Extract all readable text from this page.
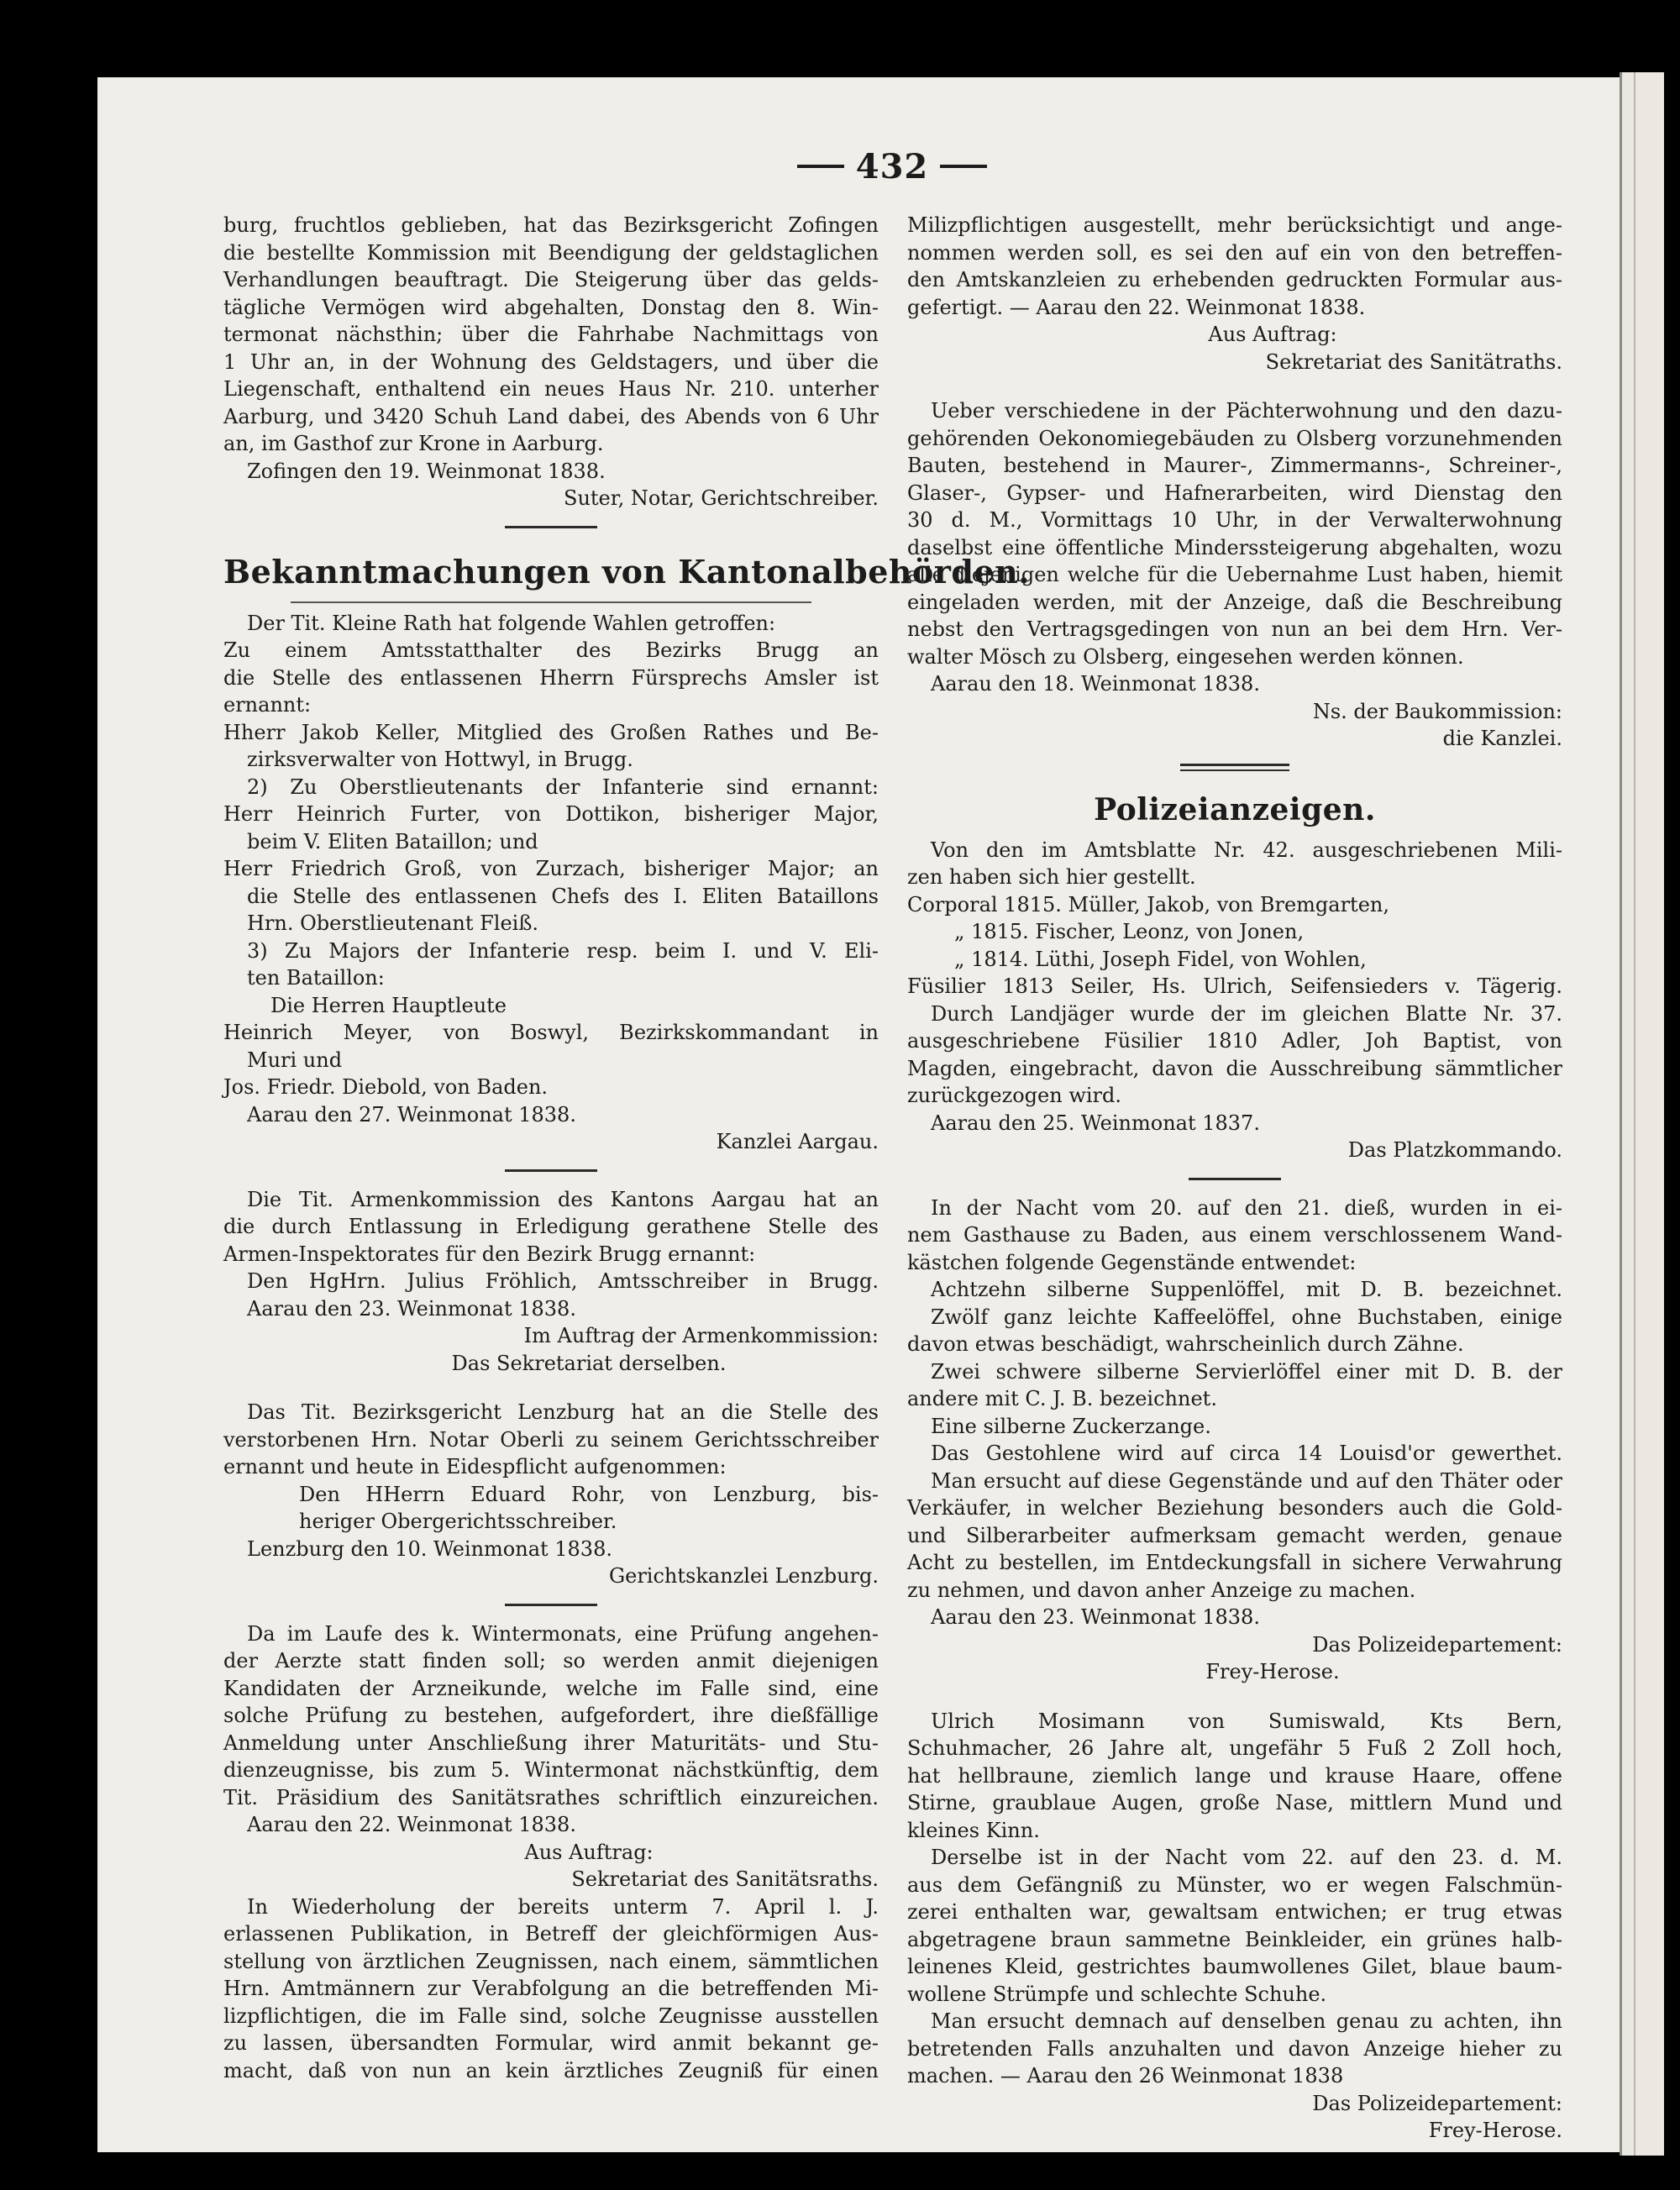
432
burg, fruchtlos geblieben, hat das Bezirksgericht Zofingen
die bestellte Kommission mit Beendigung der geldstaglichen
Verhandlungen beauftragt. Die Steigerung über das gelds-
tägliche Vermögen wird abgehalten, Donstag den 8. Win-
termonat nächsthin; über die Fahrhabe Nachmittags von
1 Uhr an, in der Wohnung des Geldstagers, und über die
Liegenschaft, enthaltend ein neues Haus Nr. 210. unterher
Aarburg, und 3420 Schuh Land dabei, des Abends von 6 Uhr
an, im Gasthof zur Krone in Aarburg.
Zofingen den 19. Weinmonat 1838.
Suter, Notar, Gerichtschreiber.
Bekanntmachungen von Kantonalbehörden.
Der Tit. Kleine Rath hat folgende Wahlen getroffen:
Zu einem Amtsstatthalter des Bezirks Brugg an
die Stelle des entlassenen Hherrn Fürsprechs Amsler ist
ernannt:
Hherr Jakob Keller, Mitglied des Großen Rathes und Be-
zirksverwalter von Hottwyl, in Brugg.
2) Zu Oberstlieutenants der Infanterie sind ernannt:
Herr Heinrich Furter, von Dottikon, bisheriger Major,
beim V. Eliten Bataillon; und
Herr Friedrich Groß, von Zurzach, bisheriger Major; an
die Stelle des entlassenen Chefs des I. Eliten Bataillons
Hrn. Oberstlieutenant Fleiß.
3) Zu Majors der Infanterie resp. beim I. und V. Eli-
ten Bataillon:
Die Herren Hauptleute
Heinrich Meyer, von Boswyl, Bezirkskommandant in
Muri und
Jos. Friedr. Diebold, von Baden.
Aarau den 27. Weinmonat 1838.
Kanzlei Aargau.
Die Tit. Armenkommission des Kantons Aargau hat an
die durch Entlassung in Erledigung gerathene Stelle des
Armen-Inspektorates für den Bezirk Brugg ernannt:
Den HgHrn. Julius Fröhlich, Amtsschreiber in Brugg.
Aarau den 23. Weinmonat 1838.
Im Auftrag der Armenkommission:
Das Sekretariat derselben.
Das Tit. Bezirksgericht Lenzburg hat an die Stelle des
verstorbenen Hrn. Notar Oberli zu seinem Gerichtsschreiber
ernannt und heute in Eidespflicht aufgenommen:
Den HHerrn Eduard Rohr, von Lenzburg, bis-
heriger Obergerichtsschreiber.
Lenzburg den 10. Weinmonat 1838.
Gerichtskanzlei Lenzburg.
Da im Laufe des k. Wintermonats, eine Prüfung angehen-
der Aerzte statt finden soll; so werden anmit diejenigen
Kandidaten der Arzneikunde, welche im Falle sind, eine
solche Prüfung zu bestehen, aufgefordert, ihre dießfällige
Anmeldung unter Anschließung ihrer Maturitäts- und Stu-
dienzeugnisse, bis zum 5. Wintermonat nächstkünftig, dem
Tit. Präsidium des Sanitätsrathes schriftlich einzureichen.
Aarau den 22. Weinmonat 1838.
Aus Auftrag:
Sekretariat des Sanitätsraths.
In Wiederholung der bereits unterm 7. April l. J.
erlassenen Publikation, in Betreff der gleichförmigen Aus-
stellung von ärztlichen Zeugnissen, nach einem, sämmtlichen
Hrn. Amtmännern zur Verabfolgung an die betreffenden Mi-
lizpflichtigen, die im Falle sind, solche Zeugnisse ausstellen
zu lassen, übersandten Formular, wird anmit bekannt ge-
macht, daß von nun an kein ärztliches Zeugniß für einen
Milizpflichtigen ausgestellt, mehr berücksichtigt und ange-
nommen werden soll, es sei den auf ein von den betreffen-
den Amtskanzleien zu erhebenden gedruckten Formular aus-
gefertigt. — Aarau den 22. Weinmonat 1838.
Aus Auftrag:
Sekretariat des Sanitätraths.
Ueber verschiedene in der Pächterwohnung und den dazu-
gehörenden Oekonomiegebäuden zu Olsberg vorzunehmenden
Bauten, bestehend in Maurer-, Zimmermanns-, Schreiner-,
Glaser-, Gypser- und Hafnerarbeiten, wird Dienstag den
30 d. M., Vormittags 10 Uhr, in der Verwalterwohnung
daselbst eine öffentliche Minderssteigerung abgehalten, wozu
alle diejenigen welche für die Uebernahme Lust haben, hiemit
eingeladen werden, mit der Anzeige, daß die Beschreibung
nebst den Vertragsgedingen von nun an bei dem Hrn. Ver-
walter Mösch zu Olsberg, eingesehen werden können.
Aarau den 18. Weinmonat 1838.
Ns. der Baukommission:
die Kanzlei.
Polizeianzeigen.
Von den im Amtsblatte Nr. 42. ausgeschriebenen Mili-
zen haben sich hier gestellt.
Corporal 1815. Müller, Jakob, von Bremgarten,
„ 1815. Fischer, Leonz, von Jonen,
„ 1814. Lüthi, Joseph Fidel, von Wohlen,
Füsilier 1813 Seiler, Hs. Ulrich, Seifensieders v. Tägerig.
Durch Landjäger wurde der im gleichen Blatte Nr. 37.
ausgeschriebene Füsilier 1810 Adler, Joh Baptist, von
Magden, eingebracht, davon die Ausschreibung sämmtlicher
zurückgezogen wird.
Aarau den 25. Weinmonat 1837.
Das Platzkommando.
In der Nacht vom 20. auf den 21. dieß, wurden in ei-
nem Gasthause zu Baden, aus einem verschlossenem Wand-
kästchen folgende Gegenstände entwendet:
Achtzehn silberne Suppenlöffel, mit D. B. bezeichnet.
Zwölf ganz leichte Kaffeelöffel, ohne Buchstaben, einige
davon etwas beschädigt, wahrscheinlich durch Zähne.
Zwei schwere silberne Servierlöffel einer mit D. B. der
andere mit C. J. B. bezeichnet.
Eine silberne Zuckerzange.
Das Gestohlene wird auf circa 14 Louisd'or gewerthet.
Man ersucht auf diese Gegenstände und auf den Thäter oder
Verkäufer, in welcher Beziehung besonders auch die Gold-
und Silberarbeiter aufmerksam gemacht werden, genaue
Acht zu bestellen, im Entdeckungsfall in sichere Verwahrung
zu nehmen, und davon anher Anzeige zu machen.
Aarau den 23. Weinmonat 1838.
Das Polizeidepartement:
Frey-Herose.
Ulrich Mosimann von Sumiswald, Kts Bern,
Schuhmacher, 26 Jahre alt, ungefähr 5 Fuß 2 Zoll hoch,
hat hellbraune, ziemlich lange und krause Haare, offene
Stirne, graublaue Augen, große Nase, mittlern Mund und
kleines Kinn.
Derselbe ist in der Nacht vom 22. auf den 23. d. M.
aus dem Gefängniß zu Münster, wo er wegen Falschmün-
zerei enthalten war, gewaltsam entwichen; er trug etwas
abgetragene braun sammetne Beinkleider, ein grünes halb-
leinenes Kleid, gestrichtes baumwollenes Gilet, blaue baum-
wollene Strümpfe und schlechte Schuhe.
Man ersucht demnach auf denselben genau zu achten, ihn
betretenden Falls anzuhalten und davon Anzeige hieher zu
machen. — Aarau den 26 Weinmonat 1838
Das Polizeidepartement:
Frey-Herose.
